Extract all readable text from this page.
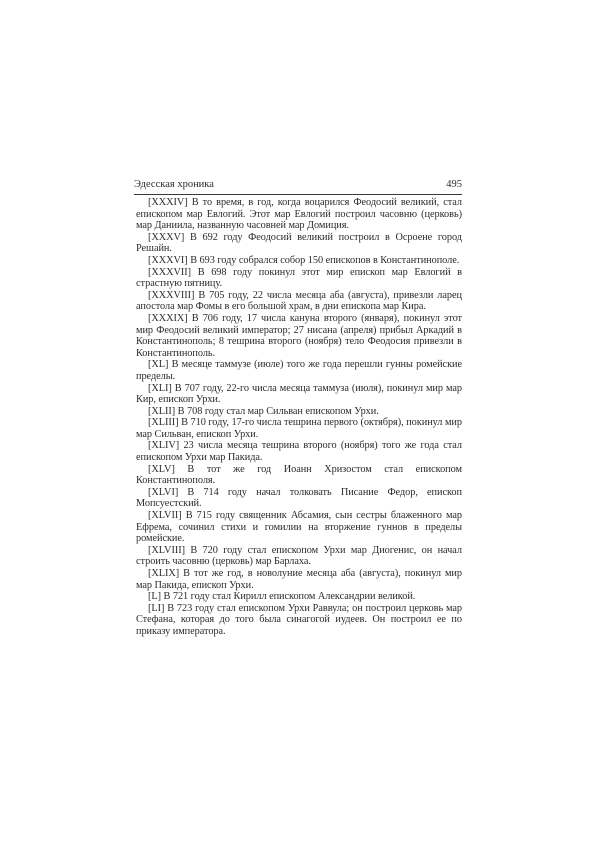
Эдесская хроника	495

[XXXIV] В то время, в год, когда воцарился Феодосий великий, стал епископом мар Евлогий. Этот мар Евлогий построил часовню (церковь) мар Даниила, названную часовней мар Домиция.

[XXXV] В 692 году Феодосий великий построил в Осроене город Решайн.

[XXXVI] В 693 году собрался собор 150 епископов в Константинополе.

[XXXVII] В 698 году покинул этот мир епископ мар Евлогий в страстную пятницу.

[XXXVIII] В 705 году, 22 числа месяца аба (августа), привезли ларец апостола мар Фомы в его большой храм, в дни епископа мар Кира.

[XXXIX] В 706 году, 17 числа кануна второго (января), покинул этот мир Феодосий великий император; 27 нисана (апреля) прибыл Аркадий в Константинополь; 8 тешрина второго (ноября) тело Феодосия привезли в Константинополь.

[XL] В месяце таммузе (июле) того же года перешли гунны ромейские пределы.

[XLI] В 707 году, 22-го числа месяца таммуза (июля), покинул мир мар Кир, епископ Урхи.

[XLII] В 708 году стал мар Сильван епископом Урхи.

[XLIII] В 710 году, 17-го числа тешрина первого (октября), покинул мир мар Сильван, епископ Урхи.

[XLIV] 23 числа месяца тешрина второго (ноября) того же года стал епископом Урхи мар Пакида.

[XLV] В тот же год Иоанн Хризостом стал епископом Константинополя.

[XLVI] В 714 году начал толковать Писание Федор, епископ Мопсуестский.

[XLVII] В 715 году священник Абсамия, сын сестры блаженного мар Ефрема, сочинил стихи и гомилии на вторжение гуннов в пределы ромейские.

[XLVIII] В 720 году стал епископом Урхи мар Диогенис, он начал строить часовню (церковь) мар Барлаха.

[XLIX] В тот же год, в новолуние месяца аба (августа), покинул мир мар Пакида, епископ Урхи.

[L] В 721 году стал Кирилл епископом Александрии великой.

[LI] В 723 году стал епископом Урхи Раввула; он построил церковь мар Стефана, которая до того была синагогой иудеев. Он построил ее по приказу императора.
